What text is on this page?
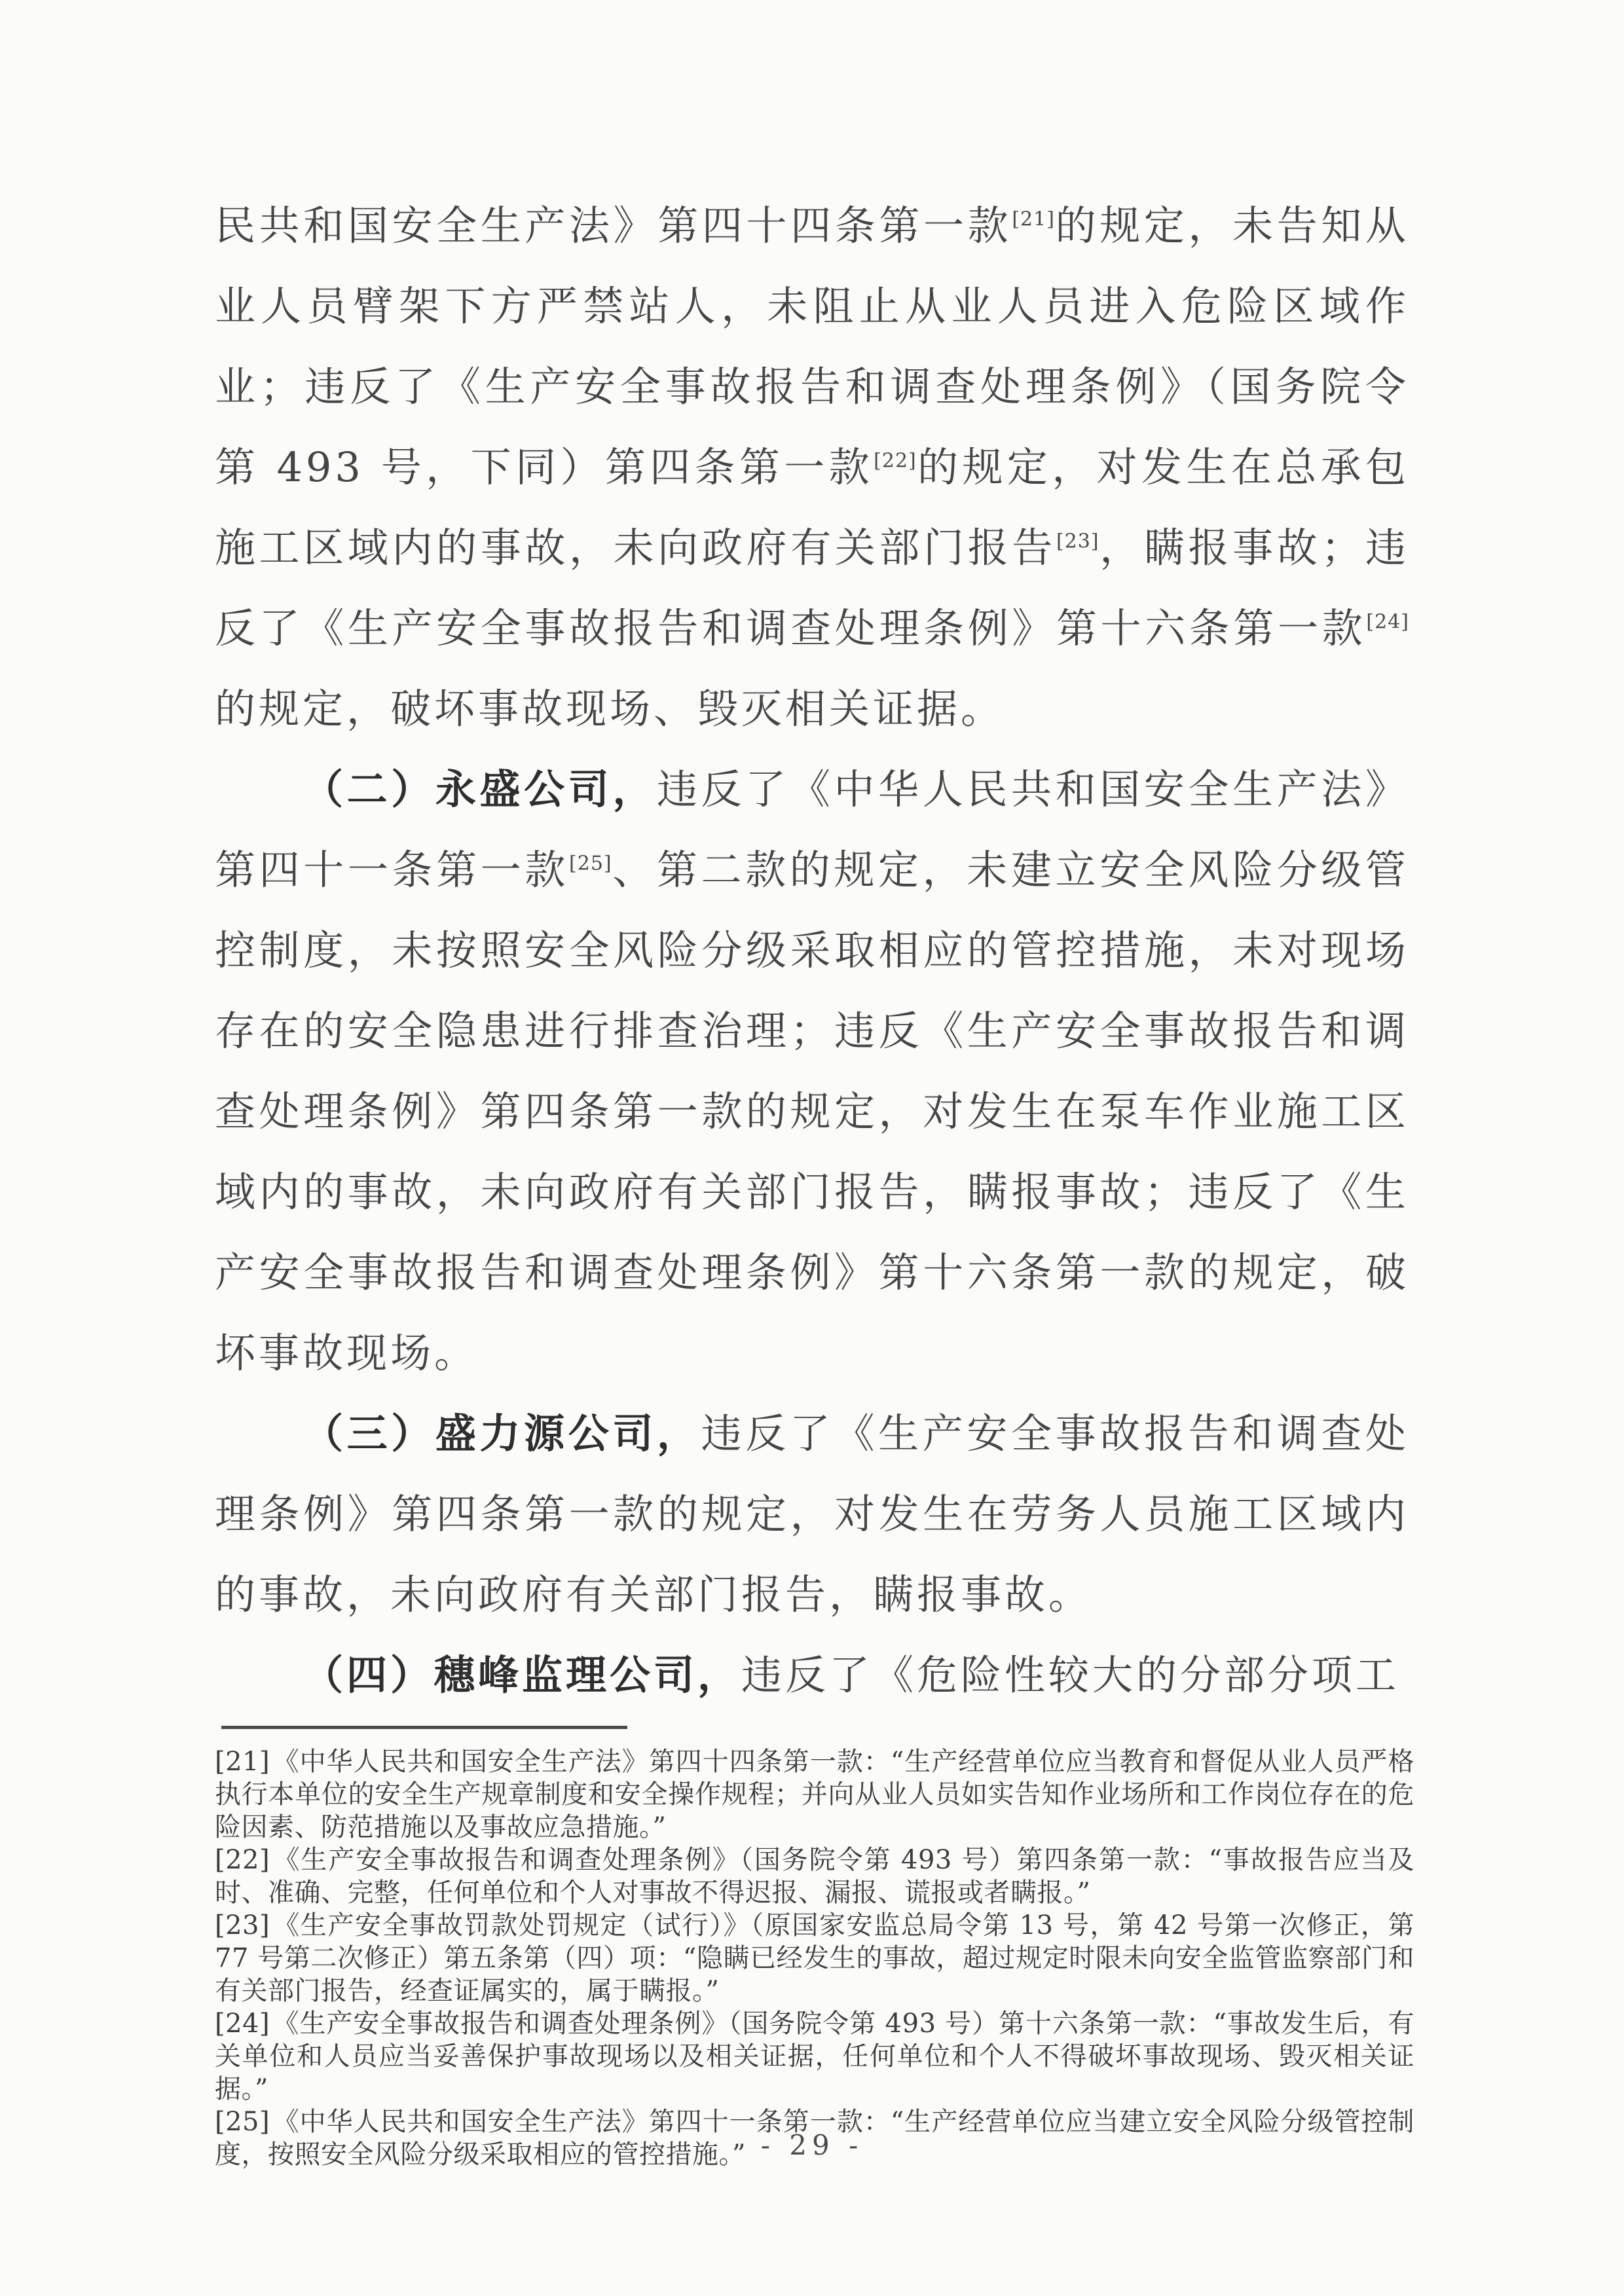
民共和国安全生产法》第四十四条第一款[21]的规定，未告知从业人员臂架下方严禁站人，未阻止从业人员进入危险区域作业；违反了《生产安全事故报告和调查处理条例》（国务院令第 493 号，下同）第四条第一款[22]的规定，对发生在总承包施工区域内的事故，未向政府有关部门报告[23]，瞒报事故；违反了《生产安全事故报告和调查处理条例》第十六条第一款[24]的规定，破坏事故现场、毁灭相关证据。

（二）永盛公司，违反了《中华人民共和国安全生产法》第四十一条第一款[25]、第二款的规定，未建立安全风险分级管控制度，未按照安全风险分级采取相应的管控措施，未对现场存在的安全隐患进行排查治理；违反《生产安全事故报告和调查处理条例》第四条第一款的规定，对发生在泵车作业施工区域内的事故，未向政府有关部门报告，瞒报事故；违反了《生产安全事故报告和调查处理条例》第十六条第一款的规定，破坏事故现场。

（三）盛力源公司，违反了《生产安全事故报告和调查处理条例》第四条第一款的规定，对发生在劳务人员施工区域内的事故，未向政府有关部门报告，瞒报事故。

（四）穗峰监理公司，违反了《危险性较大的分部分项工

[21] 《中华人民共和国安全生产法》第四十四条第一款：“生产经营单位应当教育和督促从业人员严格执行本单位的安全生产规章制度和安全操作规程；并向从业人员如实告知作业场所和工作岗位存在的危险因素、防范措施以及事故应急措施。”

[22] 《生产安全事故报告和调查处理条例》（国务院令第 493 号）第四条第一款：“事故报告应当及时、准确、完整，任何单位和个人对事故不得迟报、漏报、谎报或者瞒报。”

[23] 《生产安全事故罚款处罚规定（试行）》（原国家安监总局令第 13 号，第 42 号第一次修正，第 77 号第二次修正）第五条第（四）项：“隐瞒已经发生的事故，超过规定时限未向安全监管监察部门和有关部门报告，经查证属实的，属于瞒报。”

[24] 《生产安全事故报告和调查处理条例》（国务院令第 493 号）第十六条第一款：“事故发生后，有关单位和人员应当妥善保护事故现场以及相关证据，任何单位和个人不得破坏事故现场、毁灭相关证据。”

[25] 《中华人民共和国安全生产法》第四十一条第一款：“生产经营单位应当建立安全风险分级管控制度，按照安全风险分级采取相应的管控措施。” - 29 -
